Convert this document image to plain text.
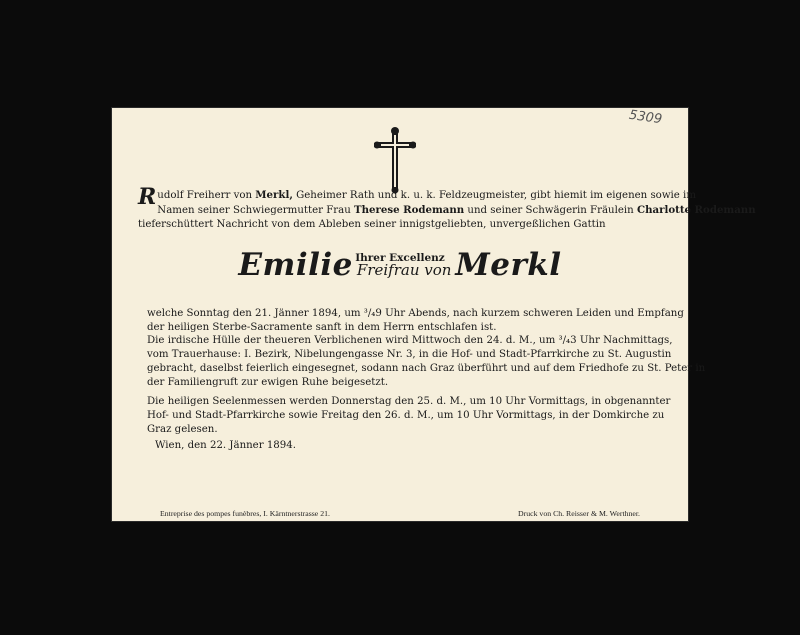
5309
R udolf Freiherr von Merkl, Geheimer Rath und k. u. k. Feldzeugmeister, gibt hiemit im eigenen sowie im
Namen seiner Schwiegermutter Frau Therese Rodemann und seiner Schwägerin Fräulein Charlotte Rodemann
tieferschüttert Nachricht von dem Ableben seiner innigstgeliebten, unvergeßlichen Gattin
Ihrer Excellenz
Emilie Freifrau von Merkl
welche Sonntag den 21. Jänner 1894, um ³/₄9 Uhr Abends, nach kurzem schweren Leiden und Empfang
der heiligen Sterbe-Sacramente sanft in dem Herrn entschlafen ist.
Die irdische Hülle der theueren Verblichenen wird Mittwoch den 24. d. M., um ³/₄3 Uhr Nachmittags,
vom Trauerhause: I. Bezirk, Nibelungengasse Nr. 3, in die Hof- und Stadt-Pfarrkirche zu St. Augustin
gebracht, daselbst feierlich eingesegnet, sodann nach Graz überführt und auf dem Friedhofe zu St. Peter in
der Familiengruft zur ewigen Ruhe beigesetzt.
Die heiligen Seelenmessen werden Donnerstag den 25. d. M., um 10 Uhr Vormittags, in obgenannter
Hof- und Stadt-Pfarrkirche sowie Freitag den 26. d. M., um 10 Uhr Vormittags, in der Domkirche zu
Graz gelesen.
Wien, den 22. Jänner 1894.
Entreprise des pompes funèbres, I. Kärntnerstrasse 21.	Druck von Ch. Reisser & M. Werthner.
